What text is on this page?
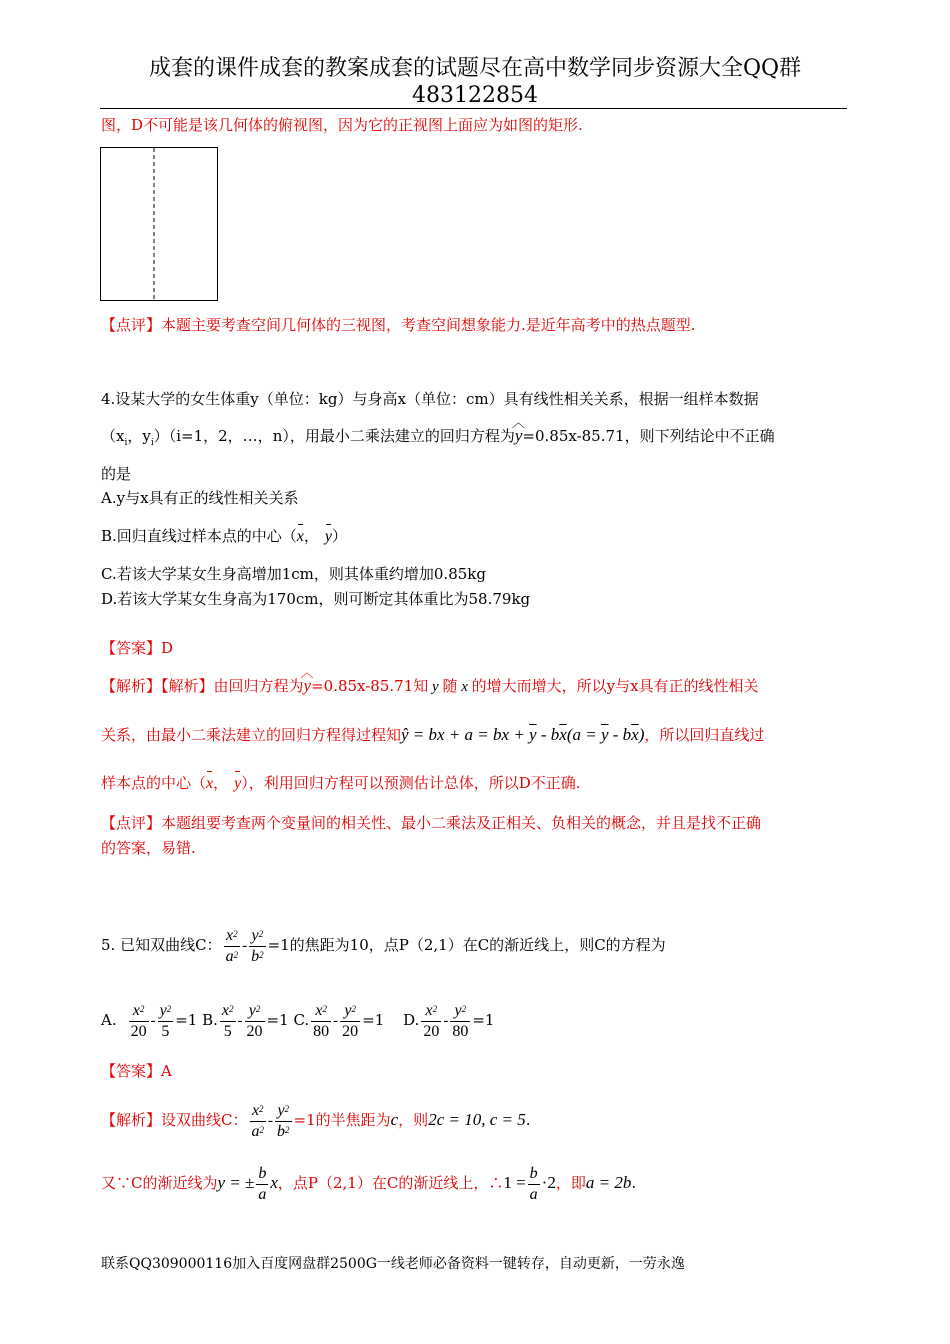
成套的课件成套的教案成套的试题尽在高中数学同步资源大全QQ群
483122854
图，D不可能是该几何体的俯视图，因为它的正视图上面应为如图的矩形.
【点评】本题主要考查空间几何体的三视图，考查空间想象能力.是近年高考中的热点题型.
4.设某大学的女生体重y（单位：kg）与身高x（单位：cm）具有线性相关关系，根据一组样本数据
（$x_i$，$y_i)(i=1$，2，…，n），用最小二乘法建立的回归方程为︿ y=0.85x-85.71，则下列结论中不正确
的是
A.y与x具有正的线性相关关系
B.回归直线过样本点的中心（x， y）
C.若该大学某女生身高增加1cm，则其体重约增加0.85kg
D.若该大学某女生身高为170cm，则可断定其体重比为58.79kg
【答案】D
【解析】【解析】由回归方程为︿ y=0.85x-85.71知 y 随 x 的增大而增大，所以y与x具有正的线性相关
关系，由最小二乘法建立的回归方程得过程知ŷ = bx + a = bx + $\overline{y} - b\overline{x}(a = \overline{y} - b\overline{x})$，所以回归直线过
样本点的中心（x， y），利用回归方程可以预测估计总体，所以D不正确.
【点评】本题组要考查两个变量间的相关性、最小二乘法及正相关、负相关的概念，并且是找不正确
的答案，易错.
5. 已知双曲线C： $\frac{x^2}{a^2} - \frac{y^2}{b^2} =1$的焦距为10，点P（2,1）在C的渐近线上，则C的方程为
A. $\frac{x^2}{20} - \frac{y^2}{5} =1$ B. $\frac{x^2}{5} - \frac{y^2}{20} =1$ C. $\frac{x^2}{80} - \frac{y^2}{20} =1$ D. $\frac{x^2}{20} - \frac{y^2}{80} =1$
【答案】A
【解析】设双曲线C： $\frac{x^2}{a^2} - \frac{y^2}{b^2} =1$的半焦距为c，则2c = 10, c = 5.
又∵C的渐近线为y = ± $\frac{b}{a}$ x，点P（2,1）在C的渐近线上，∴1 = $\frac{b}{a} \cdot 2$，即a = 2b.
联系QQ309000116加入百度网盘群2500G一线老师必备资料一键转存，自动更新，一劳永逸
